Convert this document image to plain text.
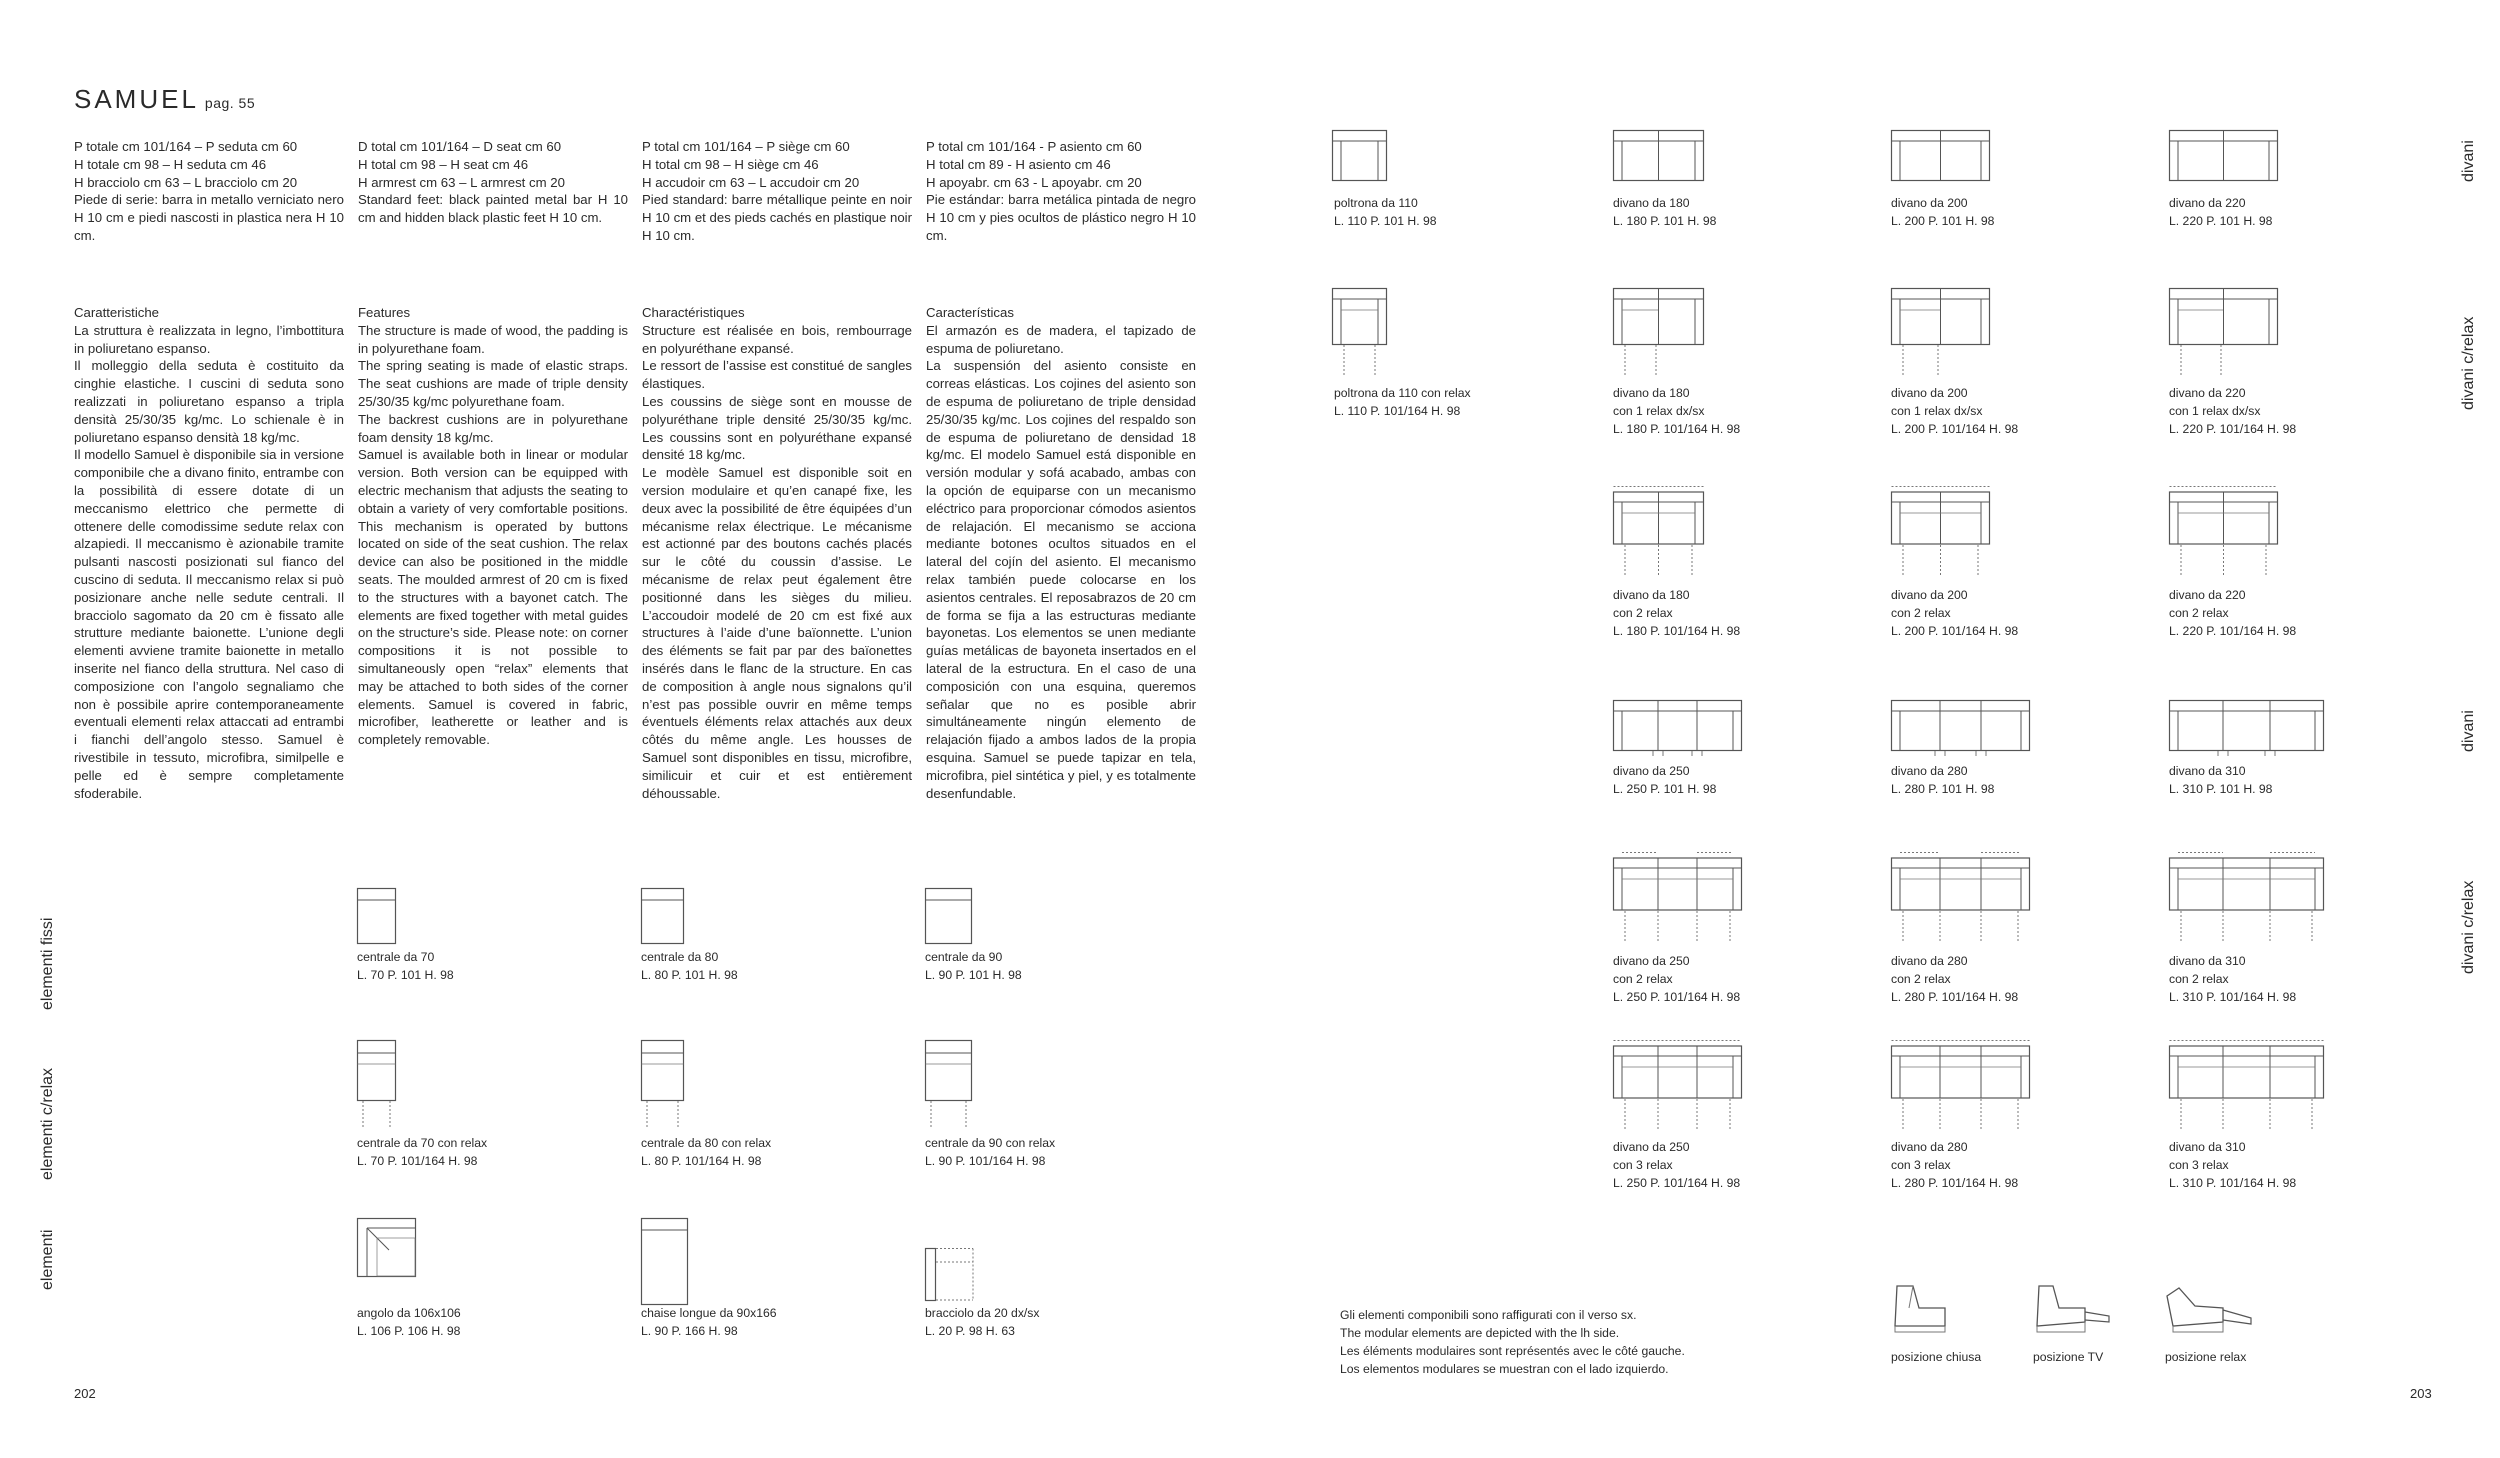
SAMUEL pag. 55
P totale cm 101/164 – P seduta cm 60
H totale cm 98 – H seduta cm 46
H bracciolo cm 63 – L bracciolo cm 20
Piede di serie: barra in metallo verniciato nero H 10 cm e piedi nascosti in plastica nera H 10 cm.
Caratteristiche
La struttura è realizzata in legno, l’imbottitura in poliuretano espanso.
Il molleggio della seduta è costituito da cinghie elastiche. I cuscini di seduta sono realizzati in poliuretano espanso a tripla densità 25/30/35 kg/mc. Lo schienale è in poliuretano espanso densità 18 kg/mc.
Il modello Samuel è disponibile sia in versione componibile che a divano finito, entrambe con la possibilità di essere dotate di un meccanismo elettrico che permette di ottenere delle comodissime sedute relax con alzapiedi. Il meccanismo è azionabile tramite pulsanti nascosti posizionati sul fianco del cuscino di seduta. Il meccanismo relax si può posizionare anche nelle sedute centrali. Il bracciolo sagomato da 20 cm è fissato alle strutture mediante baionette. L’unione degli elementi avviene tramite baionette in metallo inserite nel fianco della struttura. Nel caso di composizione con l’angolo segnaliamo che non è possibile aprire contemporaneamente eventuali elementi relax attaccati ad entrambi i fianchi dell’angolo stesso. Samuel è rivestibile in tessuto, microfibra, similpelle e pelle ed è sempre completamente sfoderabile.
D total cm 101/164 – D seat cm 60
H total cm 98 – H seat cm 46
H armrest cm 63 – L armrest cm 20
Standard feet: black painted metal bar H 10 cm and hidden black plastic feet H 10 cm.
Features
The structure is made of wood, the padding is in polyurethane foam.
The spring seating is made of elastic straps. The seat cushions are made of triple density 25/30/35 kg/mc polyurethane foam.
The backrest cushions are in polyurethane foam density 18 kg/mc.
Samuel is available both in linear or modular version. Both version can be equipped with electric mechanism that adjusts the seating to obtain a variety of very comfortable positions. This mechanism is operated by buttons located on side of the seat cushion. The relax device can also be positioned in the middle seats. The moulded armrest of 20 cm is fixed to the structures with a bayonet catch. The elements are fixed together with metal guides on the structure’s side. Please note: on corner compositions it is not possible to simultaneously open “relax” elements that may be attached to both sides of the corner elements. Samuel is covered in fabric, microfiber, leatherette or leather and is completely removable.
P total cm 101/164 – P siège cm 60
H total cm 98 – H siège cm 46
H accudoir cm 63 – L accudoir cm 20
Pied standard: barre métallique peinte en noir H 10 cm et des pieds cachés en plastique noir H 10 cm.
Charactéristiques
Structure est réalisée en bois, rembourrage en polyuréthane expansé.
Le ressort de l’assise est constitué de sangles élastiques.
Les coussins de siège sont en mousse de polyuréthane triple densité 25/30/35 kg/mc. Les coussins sont en polyuréthane expansé densité 18 kg/mc.
Le modèle Samuel est disponible soit en version modulaire et qu’en canapé fixe, les deux avec la possibilité de être équipées d’un mécanisme relax électrique. Le mécanisme est actionné par des boutons cachés placés sur le côté du coussin d’assise. Le mécanisme de relax peut également être positionné dans les sièges du milieu. L’accoudoir modelé de 20 cm est fixé aux structures à l’aide d’une baïonnette. L’union des éléments se fait par par des baïonettes insérés dans le flanc de la structure. En cas de composition à angle nous signalons qu’il n’est pas possible ouvrir en même temps éventuels éléments relax attachés aux deux côtés du même angle. Les housses de Samuel sont disponibles en tissu, microfibre, similicuir et cuir et est entièrement déhoussable.
P total cm 101/164 - P asiento cm 60
H total cm 89 - H asiento cm 46
H apoyabr. cm 63 - L apoyabr. cm 20
Pie estándar: barra metálica pintada de negro H 10 cm y pies ocultos de plástico negro H 10 cm.
Características
El armazón es de madera, el tapizado de espuma de poliuretano.
La suspensión del asiento consiste en correas elásticas. Los cojines del asiento son de espuma de poliuretano de triple densidad 25/30/35 kg/mc. Los cojines del respaldo son de espuma de poliuretano de densidad 18 kg/mc. El modelo Samuel está disponible en versión modular y sofá acabado, ambas con la opción de equiparse con un mecanismo eléctrico para proporcionar cómodos asientos de relajación. El mecanismo se acciona mediante botones ocultos situados en el lateral del cojín del asiento. El mecanismo relax también puede colocarse en los asientos centrales. El reposabrazos de 20 cm de forma se fija a las estructuras mediante bayonetas. Los elementos se unen mediante guías metálicas de bayoneta insertados en el lateral de la estructura. En el caso de una composición con una esquina, queremos señalar que no es posible abrir simultáneamente ningún elemento de relajación fijado a ambos lados de la propia esquina. Samuel se puede tapizar en tela, microfibra, piel sintética y piel, y es totalmente desenfundable.
elementi fissi
elementi c/relax
elementi
divani
divani c/relax
divani
divani c/relax
centrale da 70
L. 70 P. 101 H. 98
centrale da 80
L. 80 P. 101 H. 98
centrale da 90
L. 90 P. 101 H. 98
centrale da 70 con relax
L. 70 P. 101/164 H. 98
centrale da 80 con relax
L. 80 P. 101/164 H. 98
centrale da 90 con relax
L. 90 P. 101/164 H. 98
angolo da 106x106
L. 106 P. 106 H. 98
chaise longue da 90x166
L. 90 P. 166 H. 98
bracciolo da 20 dx/sx
L. 20 P. 98 H. 63
poltrona da 110
L. 110 P. 101 H. 98
divano da 180
L. 180 P. 101 H. 98
divano da 200
L. 200 P. 101 H. 98
divano da 220
L. 220 P. 101 H. 98
poltrona da 110 con relax
L. 110 P. 101/164 H. 98
divano da 180
con 1 relax dx/sx
L. 180 P. 101/164 H. 98
divano da 200
con 1 relax dx/sx
L. 200 P. 101/164 H. 98
divano da 220
con 1 relax dx/sx
L. 220 P. 101/164 H. 98
divano da 180
con 2 relax
L. 180 P. 101/164 H. 98
divano da 200
con 2 relax
L. 200 P. 101/164 H. 98
divano da 220
con 2 relax
L. 220 P. 101/164 H. 98
divano da 250
L. 250 P. 101 H. 98
divano da 280
L. 280 P. 101 H. 98
divano da 310
L. 310 P. 101 H. 98
divano da 250
con 2 relax
L. 250 P. 101/164 H. 98
divano da 280
con 2 relax
L. 280 P. 101/164 H. 98
divano da 310
con 2 relax
L. 310 P. 101/164 H. 98
divano da 250
con 3 relax
L. 250 P. 101/164 H. 98
divano da 280
con 3 relax
L. 280 P. 101/164 H. 98
divano da 310
con 3 relax
L. 310 P. 101/164 H. 98
Gli elementi componibili sono raffigurati con il verso sx.
The modular elements are depicted with the lh side.
Les éléments modulaires sont représentés avec le côté gauche.
Los elementos modulares se muestran con el lado izquierdo.
posizione chiusa	posizione TV	posizione relax
202	203
